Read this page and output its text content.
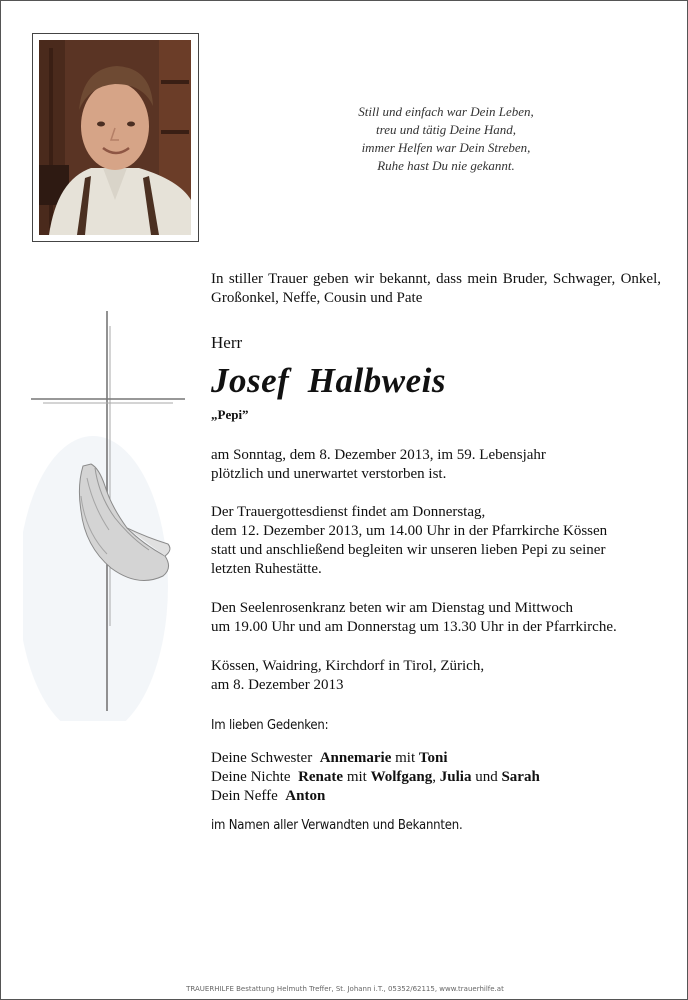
Still und einfach war Dein Leben,
treu und tätig Deine Hand,
immer Helfen war Dein Streben,
Ruhe hast Du nie gekannt.
In stiller Trauer geben wir bekannt, dass mein Bruder, Schwager, Onkel, Großonkel, Neffe, Cousin und Pate
Herr
Josef  Halbweis
„Pepi”
am Sonntag, dem 8. Dezember 2013, im 59. Lebensjahr
plötzlich und unerwartet verstorben ist.
Der Trauergottesdienst findet am Donnerstag,
dem 12. Dezember 2013, um 14.00 Uhr in der Pfarrkirche Kössen
statt und anschließend begleiten wir unseren lieben Pepi zu seiner
letzten Ruhestätte.
Den Seelenrosenkranz beten wir am Dienstag und Mittwoch
um 19.00 Uhr und am Donnerstag um 13.30 Uhr in der Pfarrkirche.
Kössen, Waidring, Kirchdorf in Tirol, Zürich,
am 8. Dezember 2013
Im lieben Gedenken:
Deine Schwester Annemarie mit Toni
Deine Nichte Renate mit Wolfgang, Julia und Sarah
Dein Neffe Anton
im Namen aller Verwandten und Bekannten.
TRAUERHILFE Bestattung Helmuth Treffer, St. Johann i.T., 05352/62115, www.trauerhilfe.at
